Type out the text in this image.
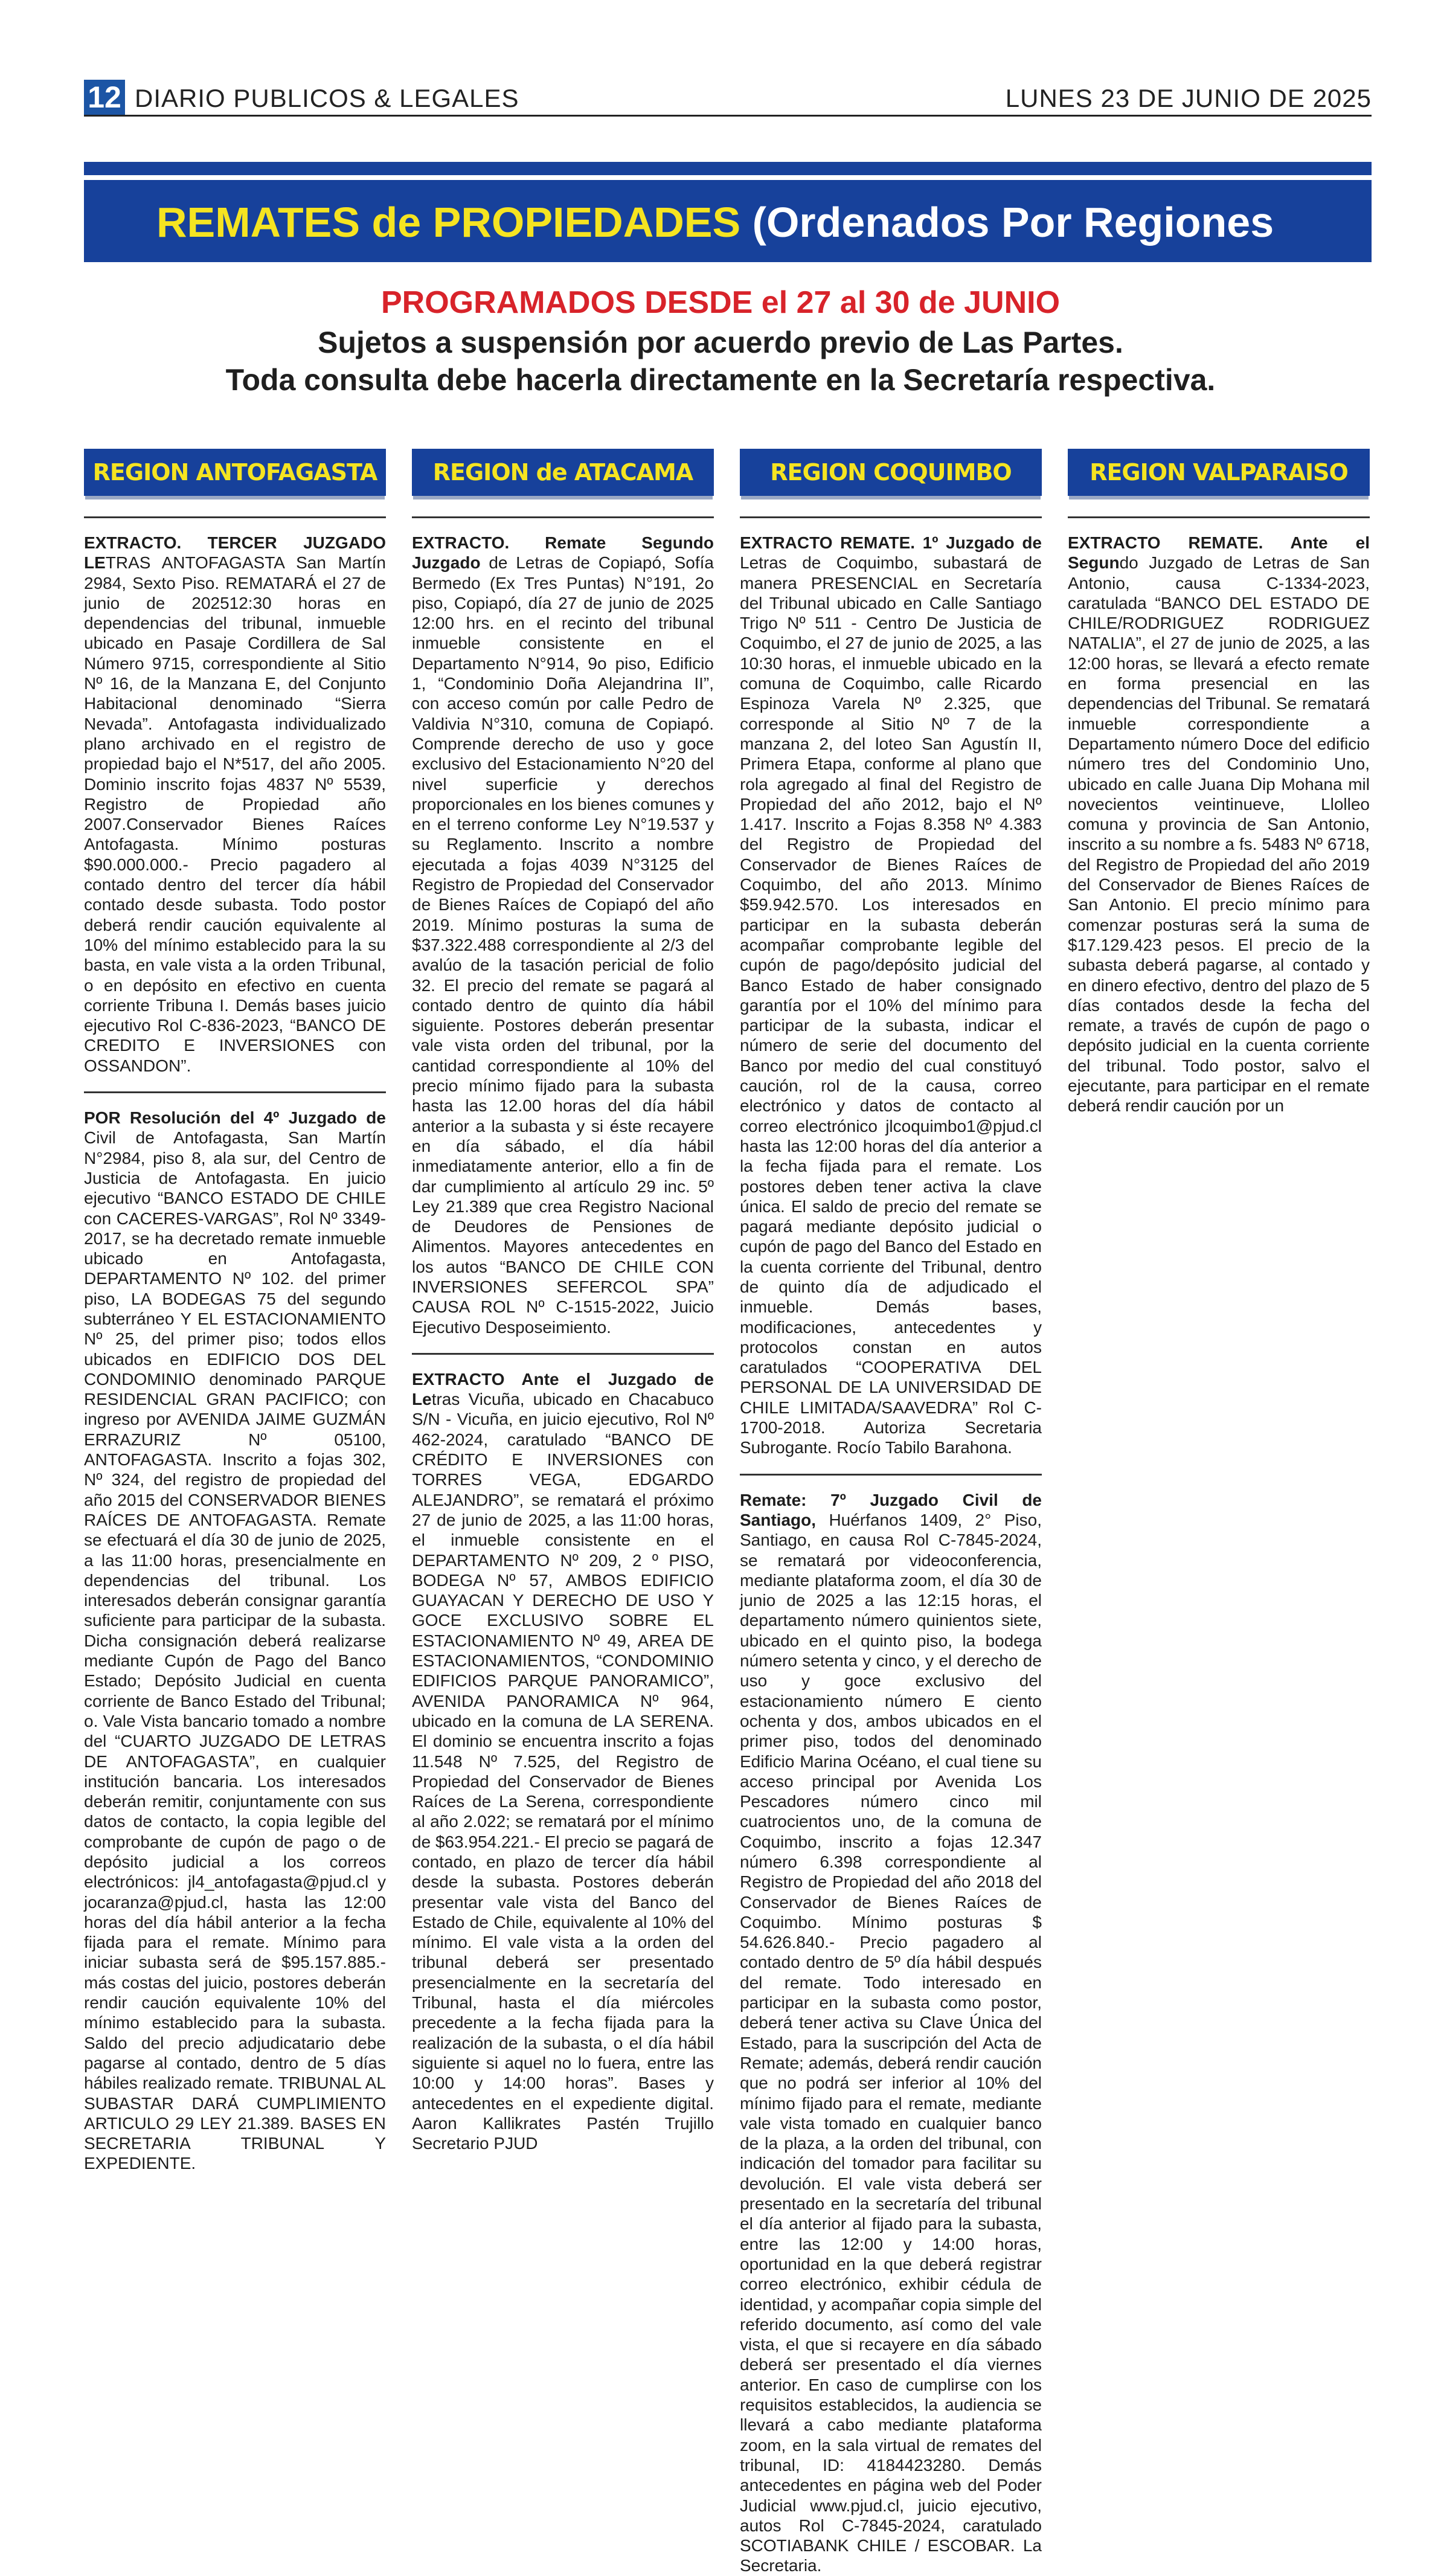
12 DIARIO PUBLICOS & LEGALES	LUNES 23 DE JUNIO DE 2025
REMATES de PROPIEDADES (Ordenados Por Regiones
PROGRAMADOS DESDE el 27 al 30 de JUNIO
Sujetos a suspensión por acuerdo previo de Las Partes.
Toda consulta debe hacerla directamente en la Secretaría respectiva.
REGION ANTOFAGASTA

EXTRACTO. TERCER JUZGADO LETRAS ANTOFAGASTA San Martín 2984, Sexto Piso. REMATARÁ el 27 de junio de 202512:30 horas en dependencias del tribunal, inmueble ubicado en Pasaje Cordillera de Sal Número 9715, correspondiente al Sitio Nº 16, de la Manzana E, del Conjunto Habitacional denominado “Sierra Nevada”. Antofagasta individualizado plano archivado en el registro de propiedad bajo el N*517, del año 2005. Dominio inscrito fojas 4837 Nº 5539, Registro de Propiedad año 2007.Conservador Bienes Raíces Antofagasta. Mínimo posturas $90.000.000.- Precio pagadero al contado dentro del tercer día hábil contado desde subasta. Todo postor deberá rendir caución equivalente al 10% del mínimo establecido para la su basta, en vale vista a la orden Tribunal, o en depósito en efectivo en cuenta corriente Tribuna I. Demás bases juicio ejecutivo Rol C-836-2023, “BANCO DE CREDITO E INVERSIONES con OSSANDON”.

POR Resolución del 4º Juzgado de Civil de Antofagasta, San Martín N°2984, piso 8, ala sur, del Centro de Justicia de Antofagasta. En juicio ejecutivo “BANCO ESTADO DE CHILE con CACERES-VARGAS”, Rol Nº 3349-2017, se ha decretado remate inmueble ubicado en Antofagasta, DEPARTAMENTO Nº 102. del primer piso, LA BODEGAS 75 del segundo subterráneo Y EL ESTACIONAMIENTO Nº 25, del primer piso; todos ellos ubicados en EDIFICIO DOS DEL CONDOMINIO denominado PARQUE RESIDENCIAL GRAN PACIFICO; con ingreso por AVENIDA JAIME GUZMÁN ERRAZURIZ Nº 05100, ANTOFAGASTA. Inscrito a fojas 302, Nº 324, del registro de propiedad del año 2015 del CONSERVADOR BIENES RAÍCES DE ANTOFAGASTA. Remate se efectuará el día 30 de junio de 2025, a las 11:00 horas, presencialmente en dependencias del tribunal. Los interesados deberán consignar garantía suficiente para participar de la subasta. Dicha consignación deberá realizarse mediante Cupón de Pago del Banco Estado; Depósito Judicial en cuenta corriente de Banco Estado del Tribunal; o. Vale Vista bancario tomado a nombre del “CUARTO JUZGADO DE LETRAS DE ANTOFAGASTA”, en cualquier institución bancaria. Los interesados deberán remitir, conjuntamente con sus datos de contacto, la copia legible del comprobante de cupón de pago o de depósito judicial a los correos electrónicos: jl4_antofagasta@pjud.cl y jocaranza@pjud.cl, hasta las 12:00 horas del día hábil anterior a la fecha fijada para el remate. Mínimo para iniciar subasta será de $95.157.885.-más costas del juicio, postores deberán rendir caución equivalente 10% del mínimo establecido para la subasta. Saldo del precio adjudicatario debe pagarse al contado, dentro de 5 días hábiles realizado remate. TRIBUNAL AL SUBASTAR DARÁ CUMPLIMIENTO ARTICULO 29 LEY 21.389. BASES EN SECRETARIA TRIBUNAL Y EXPEDIENTE.

REGION de ATACAMA

EXTRACTO. Remate Segundo Juzgado de Letras de Copiapó, Sofía Bermedo (Ex Tres Puntas) N°191, 2o piso, Copiapó, día 27 de junio de 2025 12:00 hrs. en el recinto del tribunal inmueble consistente en el Departamento N°914, 9o piso, Edificio 1, “Condominio Doña Alejandrina II”, con acceso común por calle Pedro de Valdivia N°310, comuna de Copiapó. Comprende derecho de uso y goce exclusivo del Estacionamiento N°20 del nivel superficie y derechos proporcionales en los bienes comunes y en el terreno conforme Ley N°19.537 y su Reglamento. Inscrito a nombre ejecutada a fojas 4039 N°3125 del Registro de Propiedad del Conservador de Bienes Raíces de Copiapó del año 2019. Mínimo posturas la suma de $37.322.488 correspondiente al 2/3 del avalúo de la tasación pericial de folio 32. El precio del remate se pagará al contado dentro de quinto día hábil siguiente. Postores deberán presentar vale vista orden del tribunal, por la cantidad correspondiente al 10% del precio mínimo fijado para la subasta hasta las 12.00 horas del día hábil anterior a la subasta y si éste recayere en día sábado, el día hábil inmediatamente anterior, ello a fin de dar cumplimiento al artículo 29 inc. 5º Ley 21.389 que crea Registro Nacional de Deudores de Pensiones de Alimentos. Mayores antecedentes en los autos “BANCO DE CHILE CON INVERSIONES SEFERCOL SPA” CAUSA ROL Nº C-1515-2022, Juicio Ejecutivo Desposeimiento.

EXTRACTO Ante el Juzgado de Letras Vicuña, ubicado en Chacabuco S/N - Vicuña, en juicio ejecutivo, Rol Nº 462-2024, caratulado “BANCO DE CRÉDITO E INVERSIONES con TORRES VEGA, EDGARDO ALEJANDRO”, se rematará el próximo 27 de junio de 2025, a las 11:00 horas, el inmueble consistente en el DEPARTAMENTO Nº 209, 2 º PISO, BODEGA Nº 57, AMBOS EDIFICIO GUAYACAN Y DERECHO DE USO Y GOCE EXCLUSIVO SOBRE EL ESTACIONAMIENTO Nº 49, AREA DE ESTACIONAMIENTOS, “CONDOMINIO EDIFICIOS PARQUE PANORAMICO”, AVENIDA PANORAMICA Nº 964, ubicado en la comuna de LA SERENA. El dominio se encuentra inscrito a fojas 11.548 Nº 7.525, del Registro de Propiedad del Conservador de Bienes Raíces de La Serena, correspondiente al año 2.022; se rematará por el mínimo de $63.954.221.- El precio se pagará de contado, en plazo de tercer día hábil desde la subasta. Postores deberán presentar vale vista del Banco del Estado de Chile, equivalente al 10% del mínimo. El vale vista a la orden del tribunal deberá ser presentado presencialmente en la secretaría del Tribunal, hasta el día miércoles precedente a la fecha fijada para la realización de la subasta, o el día hábil siguiente si aquel no lo fuera, entre las 10:00 y 14:00 horas”. Bases y antecedentes en el expediente digital. Aaron Kallikrates Pastén Trujillo Secretario PJUD

REGION COQUIMBO

EXTRACTO REMATE. 1º Juzgado de Letras de Coquimbo, subastará de manera PRESENCIAL en Secretaría del Tribunal ubicado en Calle Santiago Trigo Nº 511 - Centro De Justicia de Coquimbo, el 27 de junio de 2025, a las 10:30 horas, el inmueble ubicado en la comuna de Coquimbo, calle Ricardo Espinoza Varela Nº 2.325, que corresponde al Sitio Nº 7 de la manzana 2, del loteo San Agustín II, Primera Etapa, conforme al plano que rola agregado al final del Registro de Propiedad del año 2012, bajo el Nº 1.417. Inscrito a Fojas 8.358 Nº 4.383 del Registro de Propiedad del Conservador de Bienes Raíces de Coquimbo, del año 2013. Mínimo $59.942.570. Los interesados en participar en la subasta deberán acompañar comprobante legible del cupón de pago/depósito judicial del Banco Estado de haber consignado garantía por el 10% del mínimo para participar de la subasta, indicar el número de serie del documento del Banco por medio del cual constituyó caución, rol de la causa, correo electrónico y datos de contacto al correo electrónico jlcoquimbo1@pjud.cl hasta las 12:00 horas del día anterior a la fecha fijada para el remate. Los postores deben tener activa la clave única. El saldo de precio del remate se pagará mediante depósito judicial o cupón de pago del Banco del Estado en la cuenta corriente del Tribunal, dentro de quinto día de adjudicado el inmueble. Demás bases, modificaciones, antecedentes y protocolos constan en autos caratulados “COOPERATIVA DEL PERSONAL DE LA UNIVERSIDAD DE CHILE LIMITADA/SAAVEDRA” Rol C-1700-2018. Autoriza Secretaria Subrogante. Rocío Tabilo Barahona.

Remate: 7º Juzgado Civil de Santiago, Huérfanos 1409, 2° Piso, Santiago, en causa Rol C-7845-2024, se rematará por videoconferencia, mediante plataforma zoom, el día 30 de junio de 2025 a las 12:15 horas, el departamento número quinientos siete, ubicado en el quinto piso, la bodega número setenta y cinco, y el derecho de uso y goce exclusivo del estacionamiento número E ciento ochenta y dos, ambos ubicados en el primer piso, todos del denominado Edificio Marina Océano, el cual tiene su acceso principal por Avenida Los Pescadores número cinco mil cuatrocientos uno, de la comuna de Coquimbo, inscrito a fojas 12.347 número 6.398 correspondiente al Registro de Propiedad del año 2018 del Conservador de Bienes Raíces de Coquimbo. Mínimo posturas $ 54.626.840.- Precio pagadero al contado dentro de 5º día hábil después del remate. Todo interesado en participar en la subasta como postor, deberá tener activa su Clave Única del Estado, para la suscripción del Acta de Remate; además, deberá rendir caución que no podrá ser inferior al 10% del mínimo fijado para el remate, mediante vale vista tomado en cualquier banco de la plaza, a la orden del tribunal, con indicación del tomador para facilitar su devolución. El vale vista deberá ser presentado en la secretaría del tribunal el día anterior al fijado para la subasta, entre las 12:00 y 14:00 horas, oportunidad en la que deberá registrar correo electrónico, exhibir cédula de identidad, y acompañar copia simple del referido documento, así como del vale vista, el que si recayere en día sábado deberá ser presentado el día viernes anterior. En caso de cumplirse con los requisitos establecidos, la audiencia se llevará a cabo mediante plataforma zoom, en la sala virtual de remates del tribunal, ID: 4184423280. Demás antecedentes en página web del Poder Judicial www.pjud.cl, juicio ejecutivo, autos Rol C-7845-2024, caratulado SCOTIABANK CHILE / ESCOBAR. La Secretaria.

REGION VALPARAISO

EXTRACTO REMATE. Ante el Segundo Juzgado de Letras de San Antonio, causa C-1334-2023, caratulada “BANCO DEL ESTADO DE CHILE/RODRIGUEZ RODRIGUEZ NATALIA”, el 27 de junio de 2025, a las 12:00 horas, se llevará a efecto remate en forma presencial en las dependencias del Tribunal. Se rematará inmueble correspondiente a Departamento número Doce del edificio número tres del Condominio Uno, ubicado en calle Juana Dip Mohana mil novecientos veintinueve, Llolleo comuna y provincia de San Antonio, inscrito a su nombre a fs. 5483 Nº 6718, del Registro de Propiedad del año 2019 del Conservador de Bienes Raíces de San Antonio. El precio mínimo para comenzar posturas será la suma de $17.129.423 pesos. El precio de la subasta deberá pagarse, al contado y en dinero efectivo, dentro del plazo de 5 días contados desde la fecha del remate, a través de cupón de pago o depósito judicial en la cuenta corriente del tribunal. Todo postor, salvo el ejecutante, para participar en el remate deberá rendir caución por un
